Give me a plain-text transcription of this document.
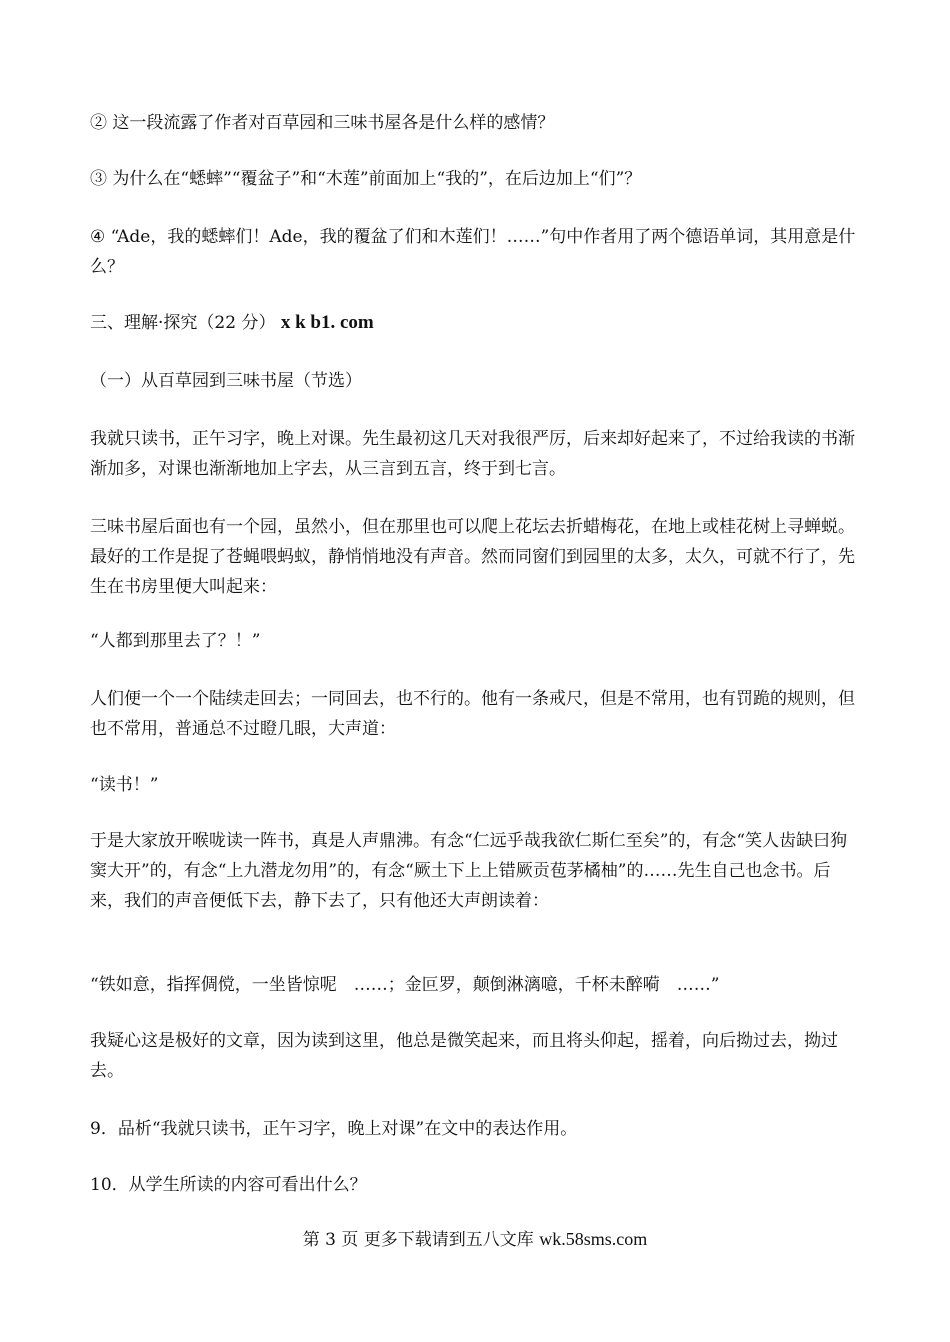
② 这一段流露了作者对百草园和三味书屋各是什么样的感情？

③ 为什么在“蟋蟀”“覆盆子”和“木莲”前面加上“我的”，在后边加上“们”？

④ “Ade，我的蟋蟀们！Ade，我的覆盆了们和木莲们！……”句中作者用了两个德语单词，其用意是什么？

三、理解·探究（22 分） x k b1. com

（一）从百草园到三味书屋（节选）

我就只读书，正午习字，晚上对课。先生最初这几天对我很严厉，后来却好起来了，不过给我读的书渐渐加多，对课也渐渐地加上字去，从三言到五言，终于到七言。

三味书屋后面也有一个园，虽然小，但在那里也可以爬上花坛去折蜡梅花，在地上或桂花树上寻蝉蜕。最好的工作是捉了苍蝇喂蚂蚁，静悄悄地没有声音。然而同窗们到园里的太多，太久，可就不行了，先生在书房里便大叫起来：

“人都到那里去了？！”

人们便一个一个陆续走回去；一同回去，也不行的。他有一条戒尺，但是不常用，也有罚跪的规则，但也不常用，普通总不过瞪几眼，大声道：

“读书！”

于是大家放开喉咙读一阵书，真是人声鼎沸。有念“仁远乎哉我欲仁斯仁至矣”的，有念“笑人齿缺曰狗窦大开”的，有念“上九潜龙勿用”的，有念“厥土下上上错厥贡苞茅橘柚”的……先生自己也念书。后来，我们的声音便低下去，静下去了，只有他还大声朗读着：

“铁如意，指挥倜傥，一坐皆惊呢　……；金叵罗，颠倒淋漓噫，千杯未醉嗬　……”

我疑心这是极好的文章，因为读到这里，他总是微笑起来，而且将头仰起，摇着，向后拗过去，拗过去。

9．品析“我就只读书，正午习字，晚上对课”在文中的表达作用。

10．从学生所读的内容可看出什么？

第 3 页 更多下载请到五八文库 wk.58sms.com
